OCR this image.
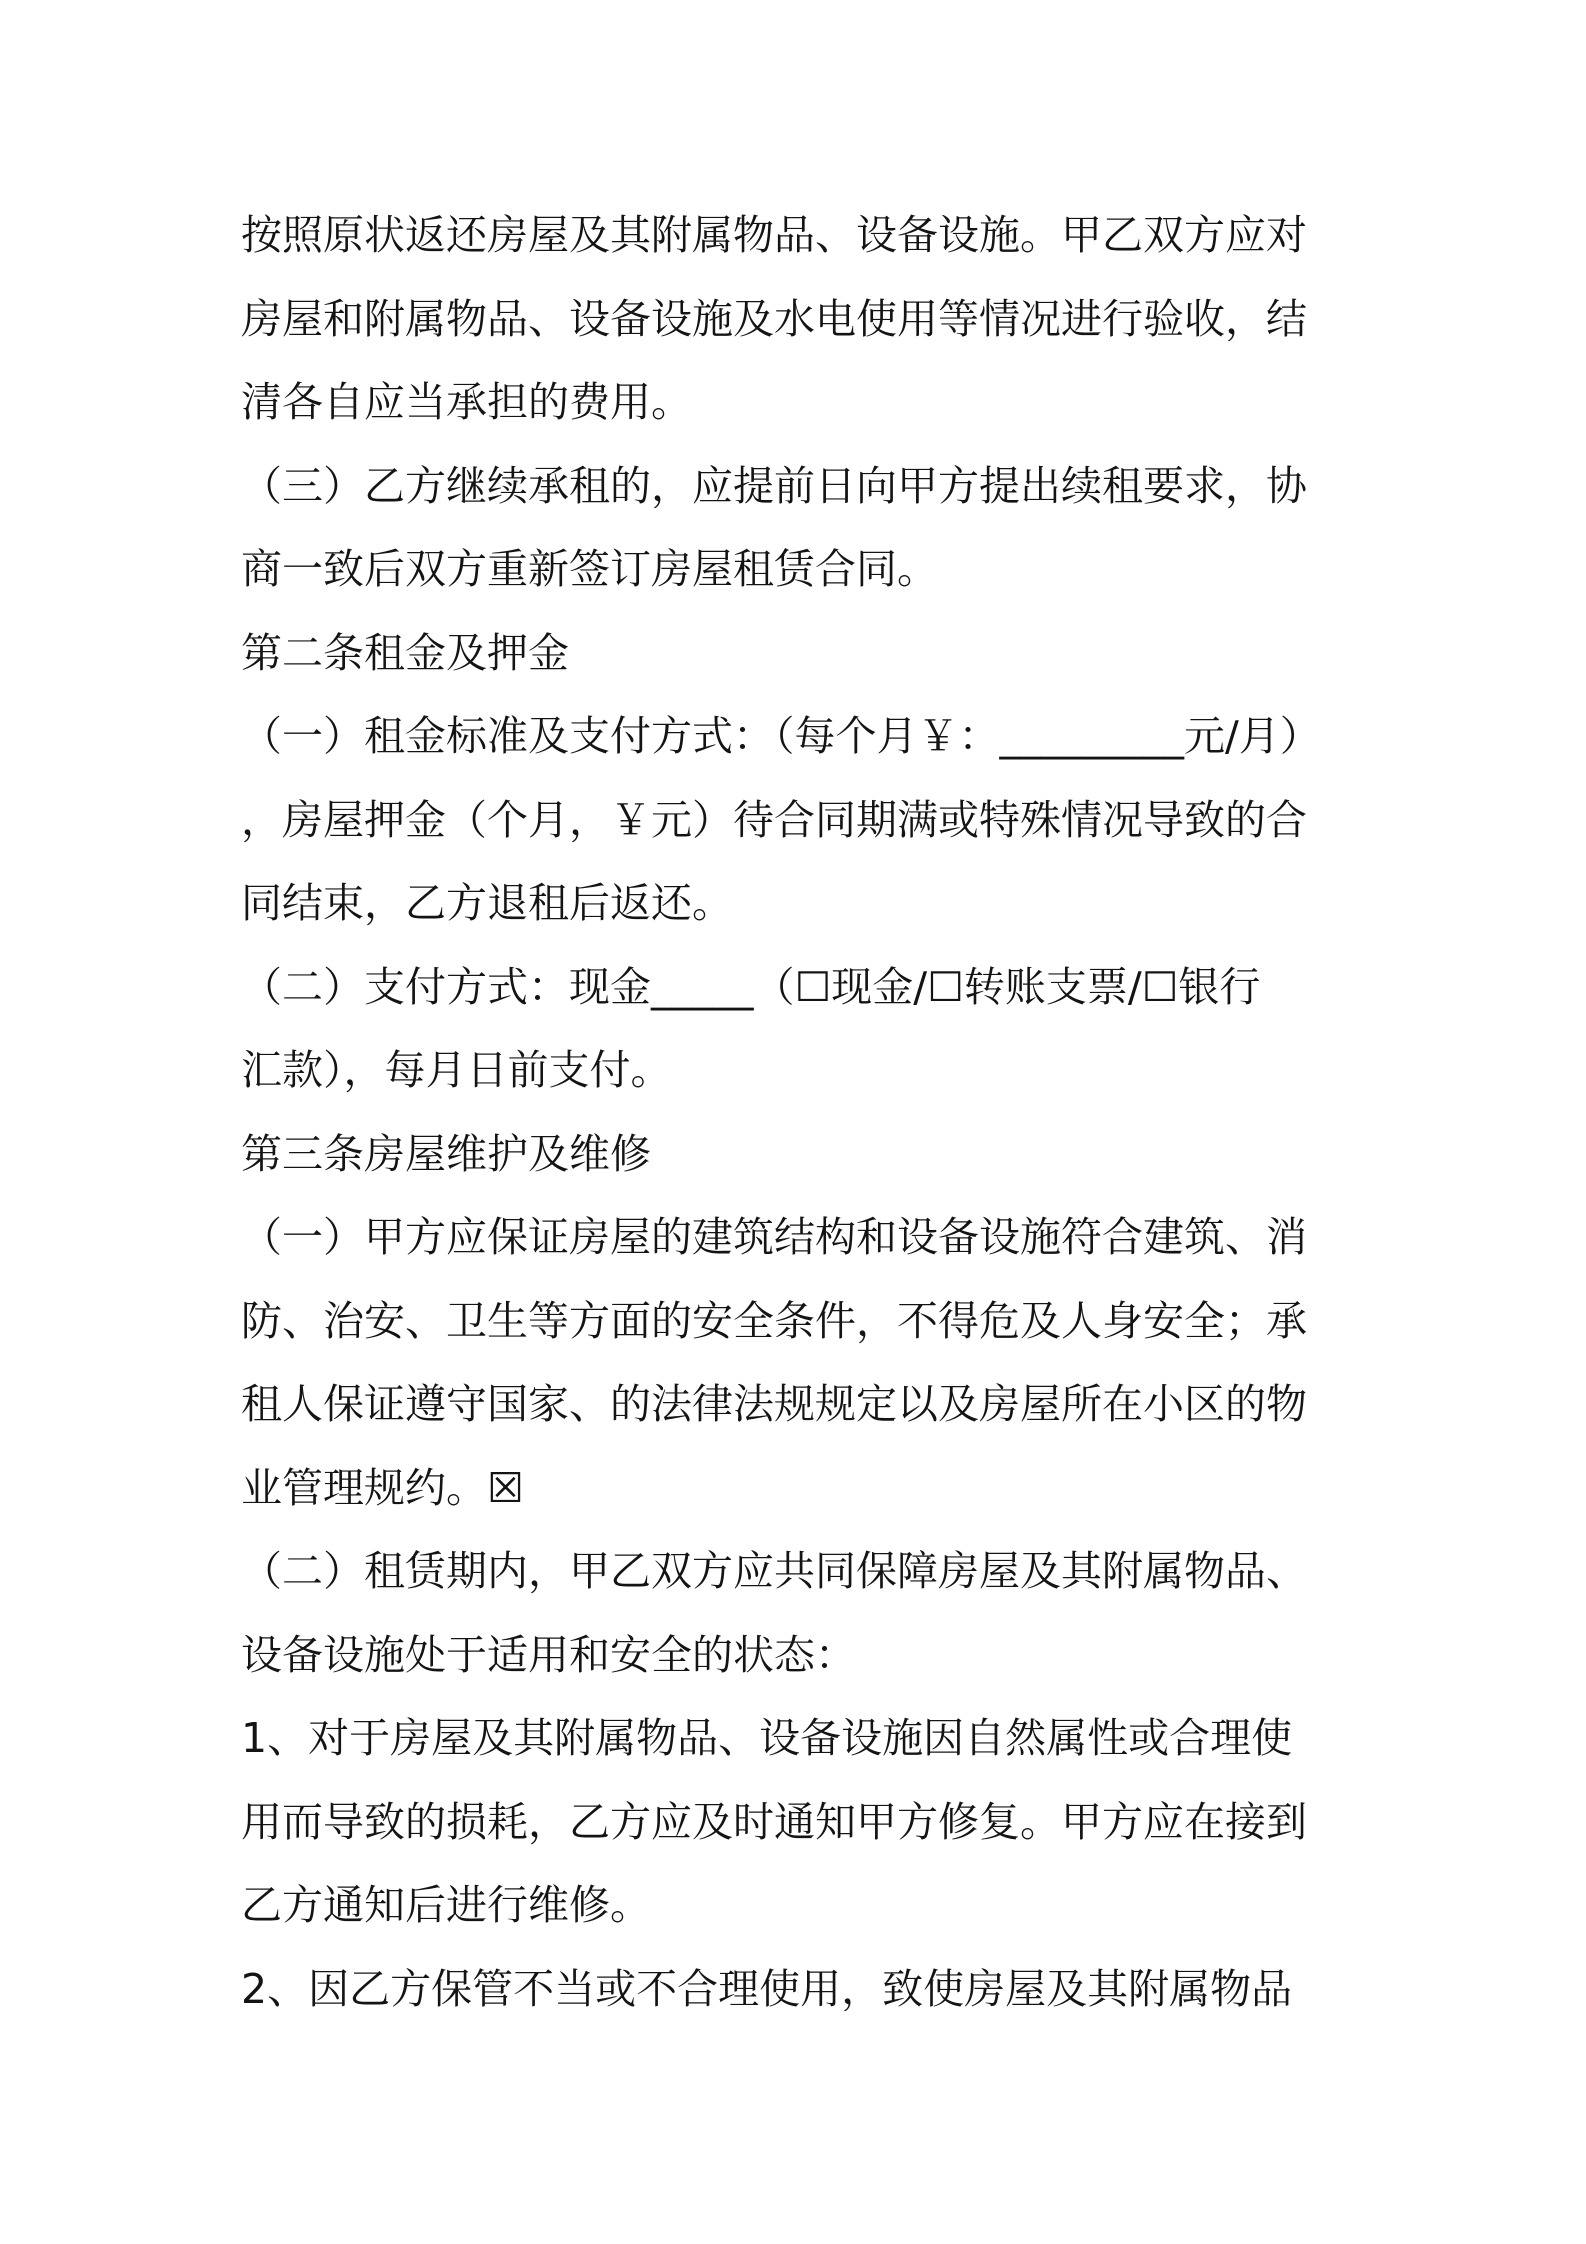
按照原状返还房屋及其附属物品、设备设施。甲乙双方应对
房屋和附属物品、设备设施及水电使用等情况进行验收，结
清各自应当承担的费用。
（三）乙方继续承租的，应提前日向甲方提出续租要求，协
商一致后双方重新签订房屋租赁合同。
第二条租金及押金
（一）租金标准及支付方式：（每个月￥：_________元/月）
，房屋押金（个月，￥元）待合同期满或特殊情况导致的合
同结束，乙方退租后返还。
（二）支付方式：现金_____（☐现金/☐转账支票/☐银行
汇款），每月日前支付。
第三条房屋维护及维修
（一）甲方应保证房屋的建筑结构和设备设施符合建筑、消
防、治安、卫生等方面的安全条件，不得危及人身安全；承
租人保证遵守国家、的法律法规规定以及房屋所在小区的物
业管理规约。☒
（二）租赁期内，甲乙双方应共同保障房屋及其附属物品、
设备设施处于适用和安全的状态：
1、对于房屋及其附属物品、设备设施因自然属性或合理使
用而导致的损耗，乙方应及时通知甲方修复。甲方应在接到
乙方通知后进行维修。
2、因乙方保管不当或不合理使用，致使房屋及其附属物品
